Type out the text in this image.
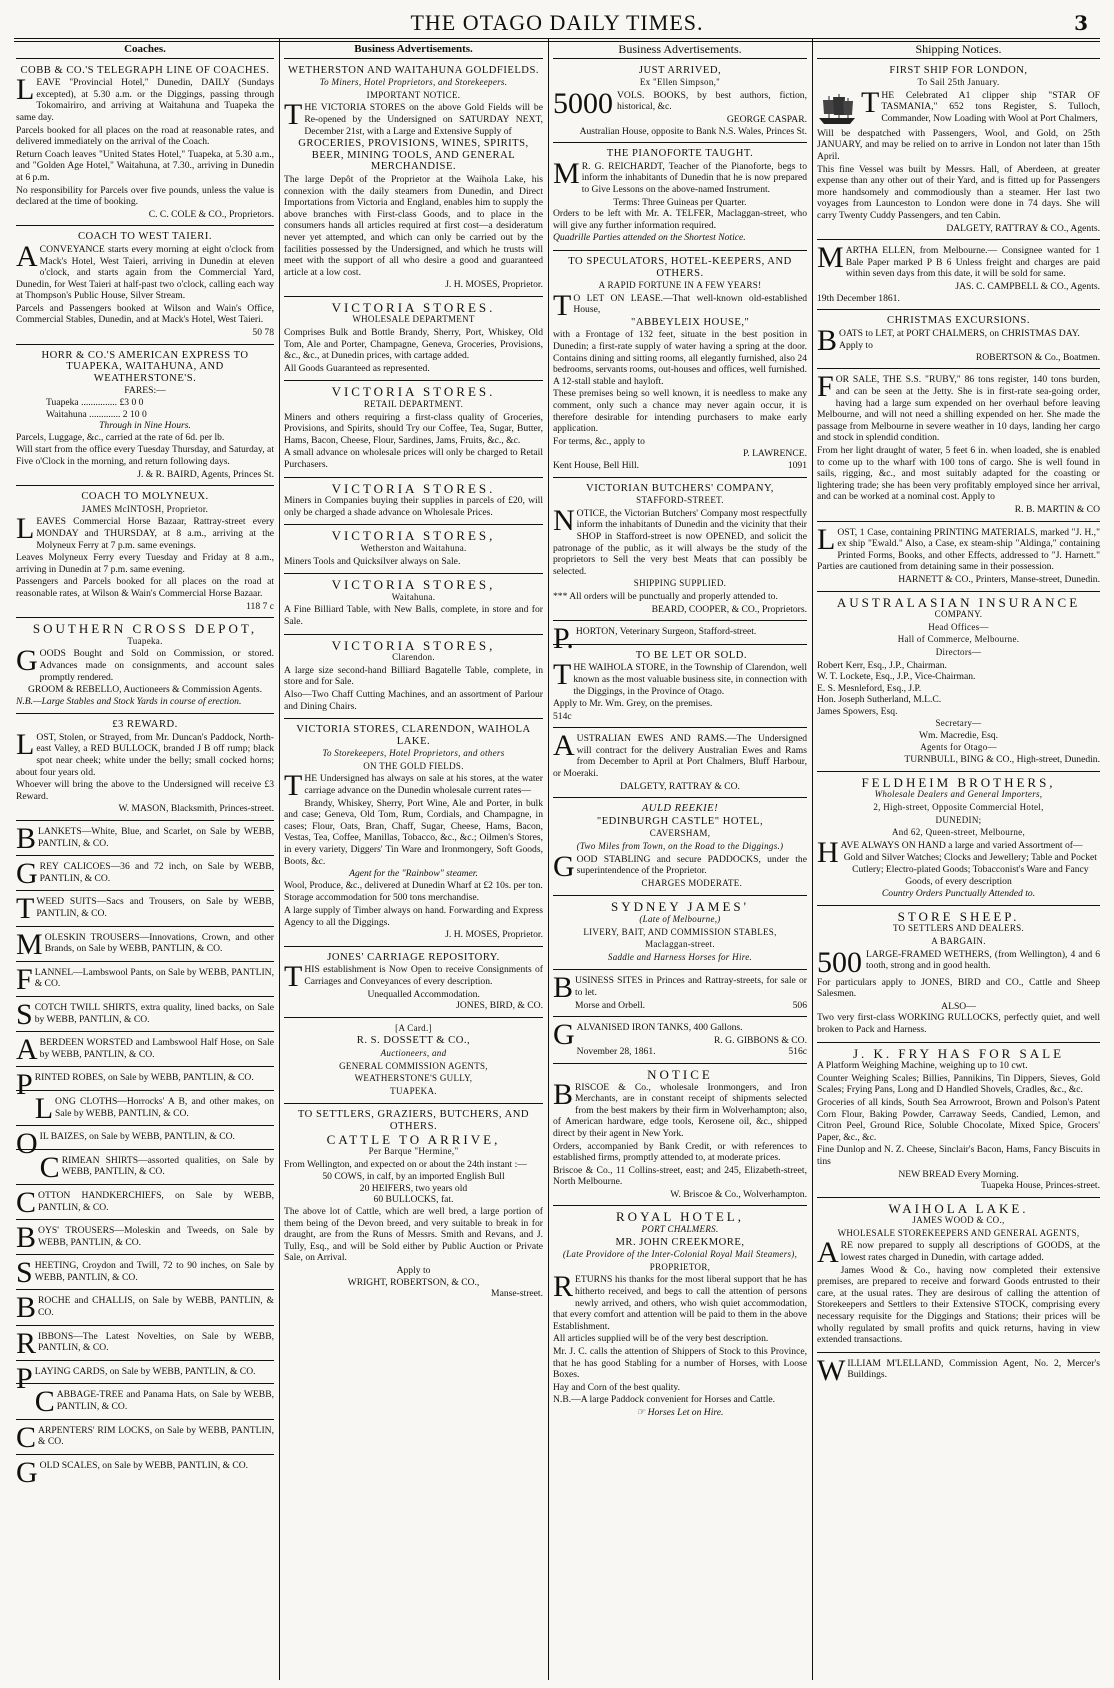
THE OTAGO DAILY TIMES.	3
Coaches.
COBB & CO.'S TELEGRAPH LINE OF COACHES.

LEAVE "Provincial Hotel," Dunedin, DAILY (Sundays excepted), at 5.30 a.m. or the Diggings, passing through Tokomairiro, and arriving at Waitahuna and Tuapeka the same day.

Parcels booked for all places on the road at reasonable rates, and delivered immediately on the arrival of the Coach.

Return Coach leaves "United States Hotel," Tuapeka, at 5.30 a.m., and "Golden Age Hotel," Waitahuna, at 7.30., arriving in Dunedin at 6 p.m.

No responsibility for Parcels over five pounds, unless the value is declared at the time of booking.

C. C. COLE & CO., Proprietors.
COACH TO WEST TAIERI.

ACONVEYANCE starts every morning at eight o'clock from Mack's Hotel, West Taieri, arriving in Dunedin at eleven o'clock, and starts again from the Commercial Yard, Dunedin, for West Taieri at half-past two o'clock, calling each way at Thompson's Public House, Silver Stream.

Parcels and Passengers booked at Wilson and Wain's Office, Commercial Stables, Dunedin, and at Mack's Hotel, West Taieri.

50 78
HORR & CO.'S AMERICAN EXPRESS TO TUAPEKA, WAITAHUNA, AND WEATHERSTONE'S.
FARES:—
Tuapeka ............... £3 0 0
Waitahuna ............. 2 10 0
Through in Nine Hours.

Parcels, Luggage, &c., carried at the rate of 6d. per lb.

Will start from the office every Tuesday Thursday, and Saturday, at Five o'Clock in the morning, and return following days.

J. & R. BAIRD, Agents, Princes St.
COACH TO MOLYNEUX.
JAMES McINTOSH, Proprietor.

LEAVES Commercial Horse Bazaar, Rattray-street every MONDAY and THURSDAY, at 8 a.m., arriving at the Molyneux Ferry at 7 p.m. same evenings.

Leaves Molyneux Ferry every Tuesday and Friday at 8 a.m., arriving in Dunedin at 7 p.m. same evening.

Passengers and Parcels booked for all places on the road at reasonable rates, at Wilson & Wain's Commercial Horse Bazaar.

118 7 c
SOUTHERN CROSS DEPOT,
Tuapeka.

GOODS Bought and Sold on Commission, or stored. Advances made on consignments, and account sales promptly rendered.

GROOM & REBELLO, Auctioneers & Commission Agents.

N.B.—Large Stables and Stock Yards in course of erection.

£3 REWARD.

LOST, Stolen, or Strayed, from Mr. Duncan's Paddock, North-east Valley, a RED BULLOCK, branded J B off rump; black spot near cheek; white under the belly; small cocked horns; about four years old.

Whoever will bring the above to the Undersigned will receive £3 Reward.

W. MASON, Blacksmith, Princes-street.

BLANKETS—White, Blue, and Scarlet, on Sale by WEBB, PANTLIN, & CO.

GREY CALICOES—36 and 72 inch, on Sale by WEBB, PANTLIN, & CO.

TWEED SUITS—Sacs and Trousers, on Sale by WEBB, PANTLIN, & CO.

MOLESKIN TROUSERS—Innovations, Crown, and other Brands, on Sale by WEBB, PANTLIN, & CO.

FLANNEL—Lambswool Pants, on Sale by WEBB, PANTLIN, & CO.

SCOTCH TWILL SHIRTS, extra quality, lined backs, on Sale by WEBB, PANTLIN, & CO.

ABERDEEN WORSTED and Lambswool Half Hose, on Sale by WEBB, PANTLIN, & CO.

PRINTED ROBES, on Sale by WEBB, PANTLIN, & CO.

LONG CLOTHS—Horrocks' A B, and other makes, on Sale by WEBB, PANTLIN, & CO.

OIL BAIZES, on Sale by WEBB, PANTLIN, & CO.

CRIMEAN SHIRTS—assorted qualities, on Sale by WEBB, PANTLIN, & CO.

COTTON HANDKERCHIEFS, on Sale by WEBB, PANTLIN, & CO.

BOYS' TROUSERS—Moleskin and Tweeds, on Sale by WEBB, PANTLIN, & CO.

SHEETING, Croydon and Twill, 72 to 90 inches, on Sale by WEBB, PANTLIN, & CO.

BROCHE and CHALLIS, on Sale by WEBB, PANTLIN, & CO.

RIBBONS—The Latest Novelties, on Sale by WEBB, PANTLIN, & CO.

PLAYING CARDS, on Sale by WEBB, PANTLIN, & CO.

CABBAGE-TREE and Panama Hats, on Sale by WEBB, PANTLIN, & CO.

CARPENTERS' RIM LOCKS, on Sale by WEBB, PANTLIN, & CO.

GOLD SCALES, on Sale by WEBB, PANTLIN, & CO.

Business Advertisements.
WETHERSTON AND WAITAHUNA GOLDFIELDS.
To Miners, Hotel Proprietors, and Storekeepers.
IMPORTANT NOTICE.

THE VICTORIA STORES on the above Gold Fields will be Re-opened by the Undersigned on SATURDAY NEXT, December 21st, with a Large and Extensive Supply of

GROCERIES, PROVISIONS, WINES, SPIRITS, BEER, MINING TOOLS, AND GENERAL MERCHANDISE.

The large Depôt of the Proprietor at the Waihola Lake, his connexion with the daily steamers from Dunedin, and Direct Importations from Victoria and England, enables him to supply the above branches with First-class Goods, and to place in the consumers hands all articles required at first cost—a desideratum never yet attempted, and which can only be carried out by the facilities possessed by the Undersigned, and which he trusts will meet with the support of all who desire a good and guaranteed article at a low cost.

J. H. MOSES, Proprietor.
VICTORIA STORES.
WHOLESALE DEPARTMENT

Comprises Bulk and Bottle Brandy, Sherry, Port, Whiskey, Old Tom, Ale and Porter, Champagne, Geneva, Groceries, Provisions, &c., &c., at Dunedin prices, with cartage added.

All Goods Guaranteed as represented.

VICTORIA STORES.
RETAIL DEPARTMENT.

Miners and others requiring a first-class quality of Groceries, Provisions, and Spirits, should Try our Coffee, Tea, Sugar, Butter, Hams, Bacon, Cheese, Flour, Sardines, Jams, Fruits, &c., &c.

A small advance on wholesale prices will only be charged to Retail Purchasers.

VICTORIA STORES.

Miners in Companies buying their supplies in parcels of £20, will only be charged a shade advance on Wholesale Prices.

VICTORIA STORES,
Wetherston and Waitahuna.

Miners Tools and Quicksilver always on Sale.

VICTORIA STORES,
Waitahuna.

A Fine Billiard Table, with New Balls, complete, in store and for Sale.

VICTORIA STORES,
Clarendon.

A large size second-hand Billiard Bagatelle Table, complete, in store and for Sale.

Also—Two Chaff Cutting Machines, and an assortment of Parlour and Dining Chairs.

VICTORIA STORES, CLARENDON, WAIHOLA LAKE.
To Storekeepers, Hotel Proprietors, and others
ON THE GOLD FIELDS.

THE Undersigned has always on sale at his stores, at the water carriage advance on the Dunedin wholesale current rates—

Brandy, Whiskey, Sherry, Port Wine, Ale and Porter, in bulk and case; Geneva, Old Tom, Rum, Cordials, and Champagne, in cases; Flour, Oats, Bran, Chaff, Sugar, Cheese, Hams, Bacon, Vestas, Tea, Coffee, Manillas, Tobacco, &c., &c.; Oilmen's Stores, in every variety, Diggers' Tin Ware and Ironmongery, Soft Goods, Boots, &c.

Agent for the "Rainbow" steamer.

Wool, Produce, &c., delivered at Dunedin Wharf at £2 10s. per ton.

Storage accommodation for 500 tons merchandise.

A large supply of Timber always on hand. Forwarding and Express Agency to all the Diggings.

J. H. MOSES, Proprietor.
JONES' CARRIAGE REPOSITORY.

THIS establishment is Now Open to receive Consignments of Carriages and Conveyances of every description.

Unequalled Accommodation.
JONES, BIRD, & CO.
[A Card.]
R. S. DOSSETT & CO.,
Auctioneers, and
GENERAL COMMISSION AGENTS,
WEATHERSTONE'S GULLY,
TUAPEKA.
TO SETTLERS, GRAZIERS, BUTCHERS, AND OTHERS.
CATTLE TO ARRIVE,
Per Barque "Hermine,"

From Wellington, and expected on or about the 24th instant :—

50 COWS, in calf, by an imported English Bull
20 HEIFERS, two years old
60 BULLOCKS, fat.

The above lot of Cattle, which are well bred, a large portion of them being of the Devon breed, and very suitable to break in for draught, are from the Runs of Messrs. Smith and Revans, and J. Tully, Esq., and will be Sold either by Public Auction or Private Sale, on Arrival.

Apply to
WRIGHT, ROBERTSON, & CO.,
Manse-street.
Business Advertisements.
JUST ARRIVED,
Ex "Ellen Simpson,"
5000 VOLS. BOOKS, by best authors, fiction, historical, &c.

GEORGE CASPAR.
Australian House, opposite to Bank N.S. Wales, Princes St.
THE PIANOFORTE TAUGHT.

MR. G. REICHARDT, Teacher of the Pianoforte, begs to inform the inhabitants of Dunedin that he is now prepared to Give Lessons on the above-named Instrument.

Terms: Three Guineas per Quarter.

Orders to be left with Mr. A. TELFER, Maclaggan-street, who will give any further information required.

Quadrille Parties attended on the Shortest Notice.

TO SPECULATORS, HOTEL-KEEPERS, AND OTHERS.
A RAPID FORTUNE IN A FEW YEARS!

TO LET ON LEASE.—That well-known old-established House,

"ABBEYLEIX HOUSE,"

with a Frontage of 132 feet, situate in the best position in Dunedin; a first-rate supply of water having a spring at the door. Contains dining and sitting rooms, all elegantly furnished, also 24 bedrooms, servants rooms, out-houses and offices, well furnished. A 12-stall stable and hayloft.

These premises being so well known, it is needless to make any comment, only such a chance may never again occur, it is therefore desirable for intending purchasers to make early application.

For terms, &c., apply to

P. LAWRENCE.
Kent House, Bell Hill.	1091
VICTORIAN BUTCHERS' COMPANY,
STAFFORD-STREET.

NOTICE, the Victorian Butchers' Company most respectfully inform the inhabitants of Dunedin and the vicinity that their SHOP in Stafford-street is now OPENED, and solicit the patronage of the public, as it will always be the study of the proprietors to Sell the very best Meats that can possibly be selected.

SHIPPING SUPPLIED.

*** All orders will be punctually and properly attended to.

BEARD, COOPER, & CO., Proprietors.

P.HORTON, Veterinary Surgeon, Stafford-street.

TO BE LET OR SOLD.

THE WAIHOLA STORE, in the Township of Clarendon, well known as the most valuable business site, in connection with the Diggings, in the Province of Otago.

Apply to Mr. Wm. Grey, on the premises.

514c

AUSTRALIAN EWES AND RAMS.—The Undersigned will contract for the delivery Australian Ewes and Rams from December to April at Port Chalmers, Bluff Harbour, or Moeraki.

DALGETY, RATTRAY & CO.
AULD REEKIE!
"EDINBURGH CASTLE" HOTEL,
CAVERSHAM,
(Two Miles from Town, on the Road to the Diggings.)

GOOD STABLING and secure PADDOCKS, under the superintendence of the Proprietor.

CHARGES MODERATE.
SYDNEY JAMES'
(Late of Melbourne,)
LIVERY, BAIT, AND COMMISSION STABLES,
Maclaggan-street.
Saddle and Harness Horses for Hire.

BUSINESS SITES in Princes and Rattray-streets, for sale or to let.

Morse and Orbell.	506

GALVANISED IRON TANKS, 400 Gallons.

R. G. GIBBONS & CO.
November 28, 1861.	516c
NOTICE

BRISCOE & Co., wholesale Ironmongers, and Iron Merchants, are in constant receipt of shipments selected from the best makers by their firm in Wolverhampton; also, of American hardware, edge tools, Kerosene oil, &c., shipped direct by their agent in New York.

Orders, accompanied by Bank Credit, or with references to established firms, promptly attended to, at moderate prices.

Briscoe & Co., 11 Collins-street, east; and 245, Elizabeth-street, North Melbourne.

W. Briscoe & Co., Wolverhampton.
ROYAL HOTEL,
PORT CHALMERS.
MR. JOHN CREEKMORE,
(Late Providore of the Inter-Colonial Royal Mail Steamers),
PROPRIETOR,

RETURNS his thanks for the most liberal support that he has hitherto received, and begs to call the attention of persons newly arrived, and others, who wish quiet accommodation, that every comfort and attention will be paid to them in the above Establishment.

All articles supplied will be of the very best description.

Mr. J. C. calls the attention of Shippers of Stock to this Province, that he has good Stabling for a number of Horses, with Loose Boxes.

Hay and Corn of the best quality.

N.B.—A large Paddock convenient for Horses and Cattle.

☞ Horses Let on Hire.
Shipping Notices.
FIRST SHIP FOR LONDON,
To Sail 25th January.

THE Celebrated A1 clipper ship "STAR OF TASMANIA," 652 tons Register, S. Tulloch, Commander, Now Loading with Wool at Port Chalmers,

Will be despatched with Passengers, Wool, and Gold, on 25th JANUARY, and may be relied on to arrive in London not later than 15th April.

This fine Vessel was built by Messrs. Hall, of Aberdeen, at greater expense than any other out of their Yard, and is fitted up for Passengers more handsomely and commodiously than a steamer. Her last two voyages from Launceston to London were done in 74 days. She will carry Twenty Cuddy Passengers, and ten Cabin.

DALGETY, RATTRAY & CO., Agents.

MARTHA ELLEN, from Melbourne.— Consignee wanted for 1 Bale Paper marked P B 6 Unless freight and charges are paid within seven days from this date, it will be sold for same.

JAS. C. CAMPBELL & CO., Agents.
19th December 1861.
CHRISTMAS EXCURSIONS.

BOATS to LET, at PORT CHALMERS, on CHRISTMAS DAY.

Apply to
ROBERTSON & Co., Boatmen.

FOR SALE, THE S.S. "RUBY," 86 tons register, 140 tons burden, and can be seen at the Jetty. She is in first-rate sea-going order, having had a large sum expended on her overhaul before leaving Melbourne, and will not need a shilling expended on her. She made the passage from Melbourne in severe weather in 10 days, landing her cargo and stock in splendid condition.

From her light draught of water, 5 feet 6 in. when loaded, she is enabled to come up to the wharf with 100 tons of cargo. She is well found in sails, rigging, &c., and most suitably adapted for the coasting or lightering trade; she has been very profitably employed since her arrival, and can be worked at a nominal cost. Apply to

R. B. MARTIN & CO

LOST, 1 Case, containing PRINTING MATERIALS, marked "J. H.," ex ship "Ewald." Also, a Case, ex steam-ship "Aldinga," containing Printed Forms, Books, and other Effects, addressed to "J. Harnett." Parties are cautioned from detaining same in their possession.

HARNETT & CO., Printers, Manse-street, Dunedin.
AUSTRALASIAN INSURANCE
COMPANY.
Head Offices—
Hall of Commerce, Melbourne.
Directors—
Robert Kerr, Esq., J.P., Chairman.
W. T. Lockete, Esq., J.P., Vice-Chairman.
E. S. Mesnleford, Esq., J.P.
Hon. Joseph Sutherland, M.L.C.
James Spowers, Esq.
Secretary—
Wm. Macredie, Esq.
Agents for Otago—
TURNBULL, BING & CO., High-street, Dunedin.
FELDHEIM BROTHERS,
Wholesale Dealers and General Importers,
2, High-street, Opposite Commercial Hotel,
DUNEDIN;
And 62, Queen-street, Melbourne,

HAVE ALWAYS ON HAND a large and varied Assortment of—

Gold and Silver Watches; Clocks and Jewellery; Table and Pocket Cutlery; Electro-plated Goods; Tobacconist's Ware and Fancy Goods, of every description

Country Orders Punctually Attended to.
STORE SHEEP.
TO SETTLERS AND DEALERS.
A BARGAIN.
500 LARGE-FRAMED WETHERS, (from Wellington), 4 and 6 tooth, strong and in good health.

For particulars apply to JONES, BIRD and CO., Cattle and Sheep Salesmen.

ALSO—

Two very first-class WORKING RULLOCKS, perfectly quiet, and well broken to Pack and Harness.

J. K. FRY HAS FOR SALE

A Platform Weighing Machine, weighing up to 10 cwt.

Counter Weighing Scales; Billies, Pannikins, Tin Dippers, Sieves, Gold Scales; Frying Pans, Long and D Handled Shovels, Cradles, &c., &c.

Groceries of all kinds, South Sea Arrowroot, Brown and Polson's Patent Corn Flour, Baking Powder, Carraway Seeds, Candied, Lemon, and Citron Peel, Ground Rice, Soluble Chocolate, Mixed Spice, Grocers' Paper, &c., &c.

Fine Dunlop and N. Z. Cheese, Sinclair's Bacon, Hams, Fancy Biscuits in tins

NEW BREAD Every Morning.
Tuapeka House, Princes-street.
WAIHOLA LAKE.
JAMES WOOD & CO.,
WHOLESALE STOREKEEPERS AND GENERAL AGENTS,

ARE now prepared to supply all descriptions of GOODS, at the lowest rates charged in Dunedin, with cartage added.

James Wood & Co., having now completed their extensive premises, are prepared to receive and forward Goods entrusted to their care, at the usual rates. They are desirous of calling the attention of Storekeepers and Settlers to their Extensive STOCK, comprising every necessary requisite for the Diggings and Stations; their prices will be wholly regulated by small profits and quick returns, having in view extended transactions.

WILLIAM M'LELLAND, Commission Agent, No. 2, Mercer's Buildings.
